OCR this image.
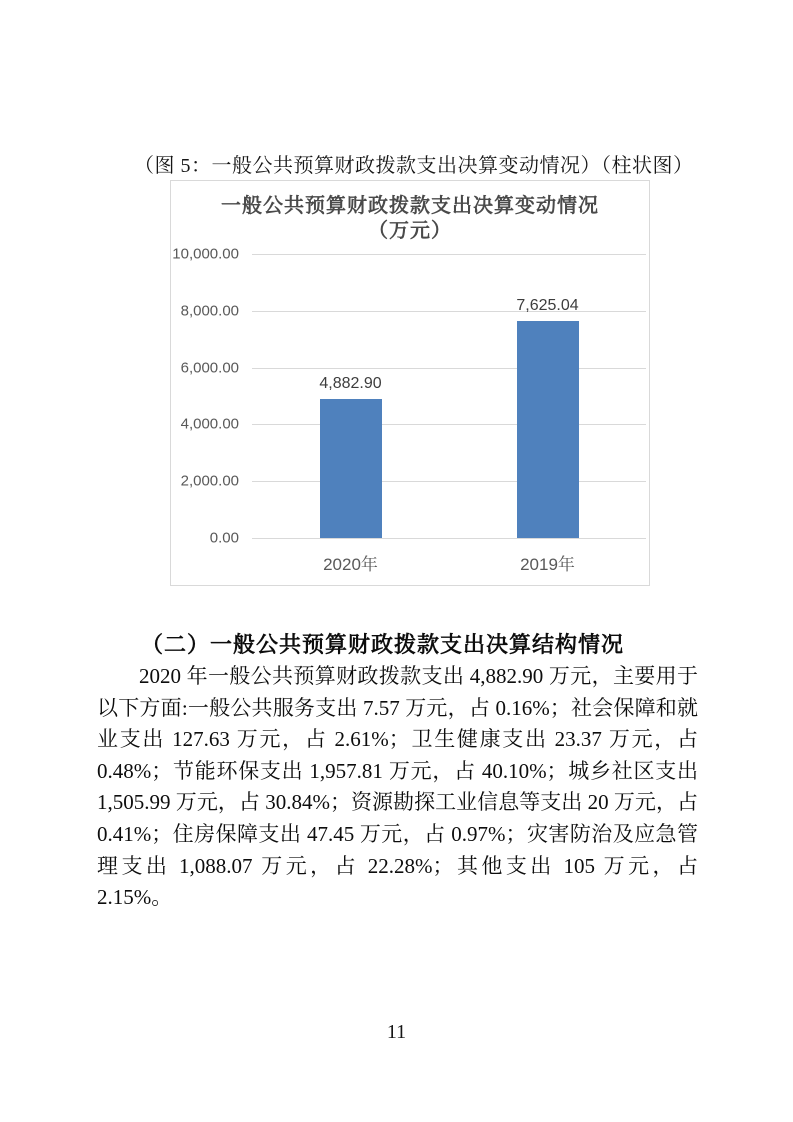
（图 5：一般公共预算财政拨款支出决算变动情况）（柱状图）
一般公共预算财政拨款支出决算变动情况
（万元）
10,000.00
8,000.00
6,000.00
4,000.00
2,000.00
0.00
4,882.90
2020年
7,625.04
2019年
（二）一般公共预算财政拨款支出决算结构情况

2020 年一般公共预算财政拨款支出 4,882.90 万元，主要用于以下方面:一般公共服务支出 7.57 万元，占 0.16%；社会保障和就业支出 127.63 万元，占 2.61%；卫生健康支出 23.37 万元，占 0.48%；节能环保支出 1,957.81 万元，占 40.10%；城乡社区支出 1,505.99 万元，占 30.84%；资源勘探工业信息等支出 20 万元，占 0.41%；住房保障支出 47.45 万元，占 0.97%；灾害防治及应急管理支出 1,088.07 万元，占 22.28%；其他支出 105 万元，占 2.15%。

11
